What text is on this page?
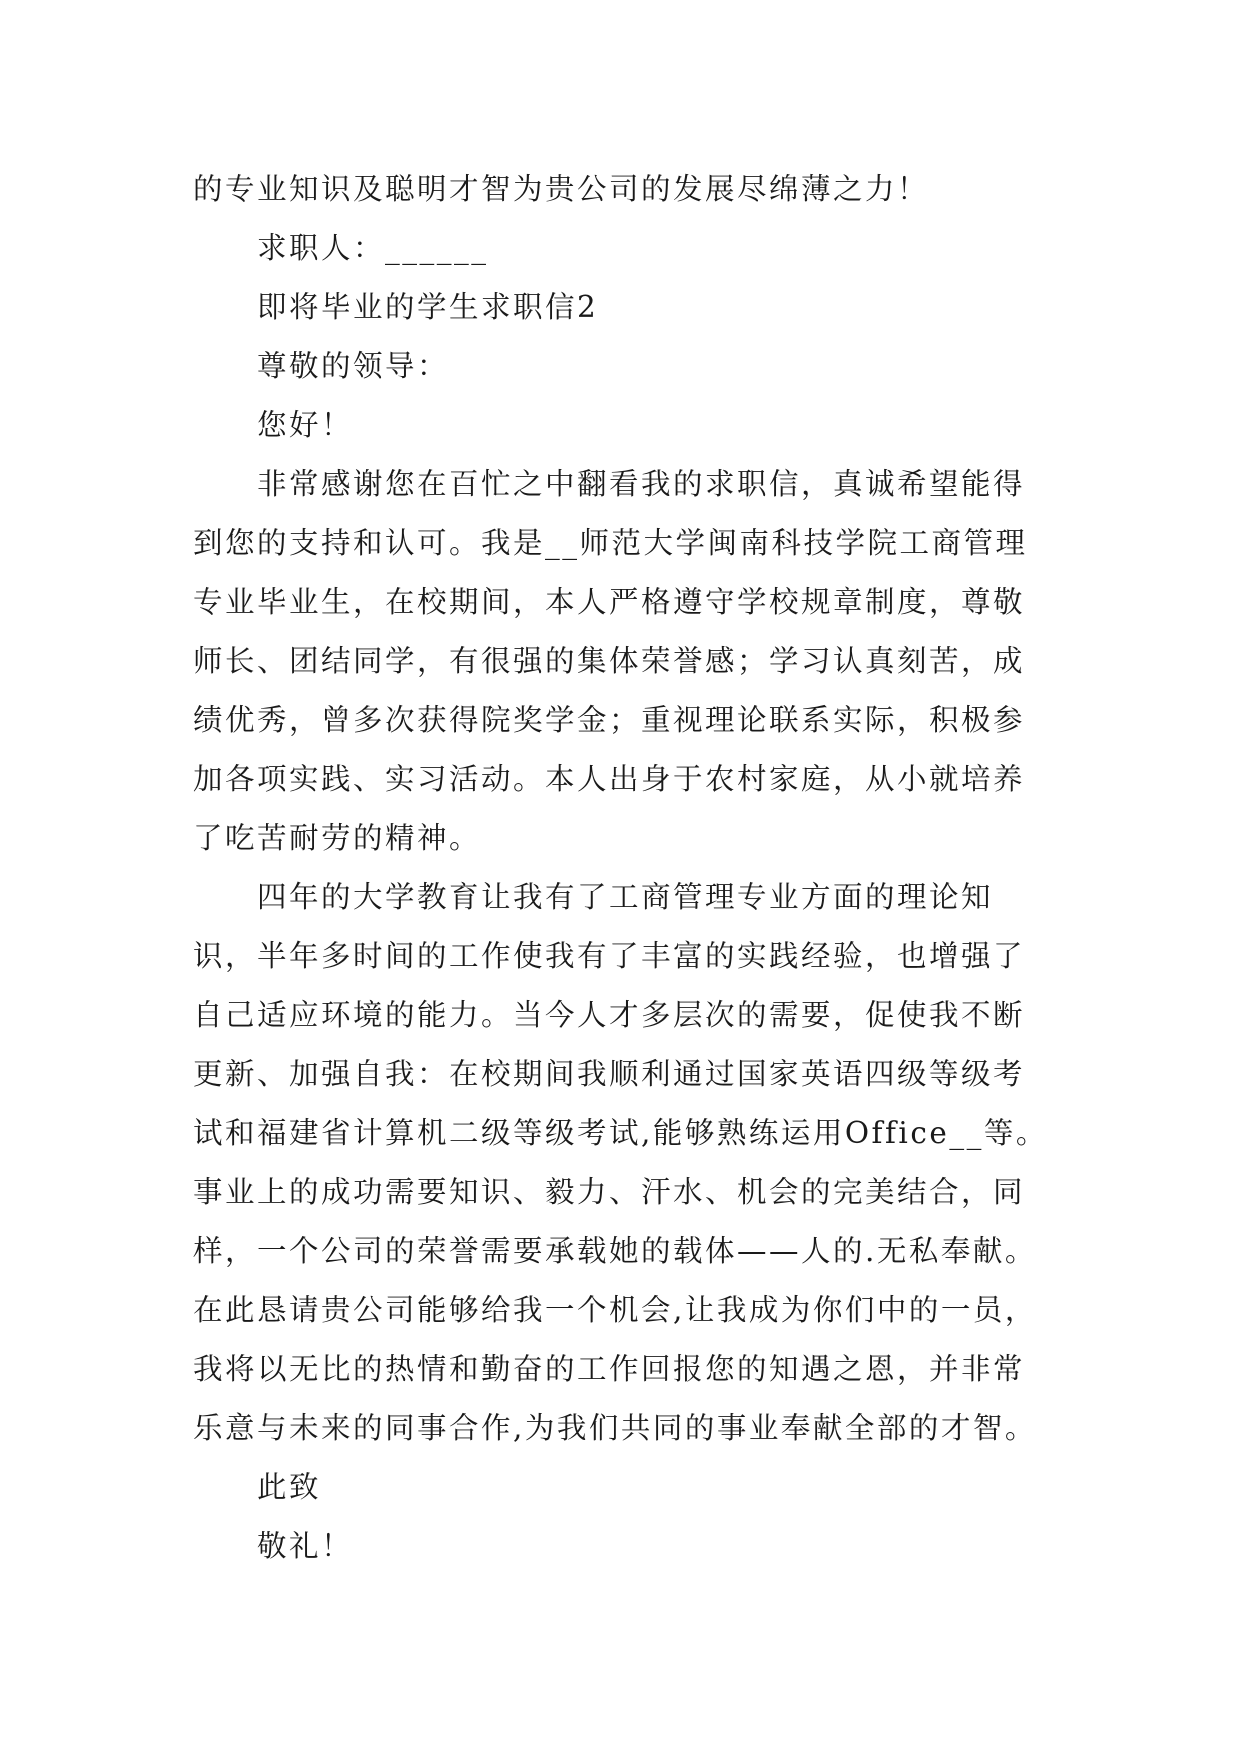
的专业知识及聪明才智为贵公司的发展尽绵薄之力！
求职人：______
即将毕业的学生求职信2
尊敬的领导：
您好！
非常感谢您在百忙之中翻看我的求职信，真诚希望能得
到您的支持和认可。我是__师范大学闽南科技学院工商管理
专业毕业生，在校期间，本人严格遵守学校规章制度，尊敬
师长、团结同学，有很强的集体荣誉感；学习认真刻苦，成
绩优秀，曾多次获得院奖学金；重视理论联系实际，积极参
加各项实践、实习活动。本人出身于农村家庭，从小就培养
了吃苦耐劳的精神。
四年的大学教育让我有了工商管理专业方面的理论知
识，半年多时间的工作使我有了丰富的实践经验，也增强了
自己适应环境的能力。当今人才多层次的需要，促使我不断
更新、加强自我：在校期间我顺利通过国家英语四级等级考
试和福建省计算机二级等级考试,能够熟练运用Office__等。
事业上的成功需要知识、毅力、汗水、机会的完美结合，同
样，一个公司的荣誉需要承载她的载体——人的.无私奉献。
在此恳请贵公司能够给我一个机会,让我成为你们中的一员，
我将以无比的热情和勤奋的工作回报您的知遇之恩，并非常
乐意与未来的同事合作,为我们共同的事业奉献全部的才智。
此致
敬礼！
